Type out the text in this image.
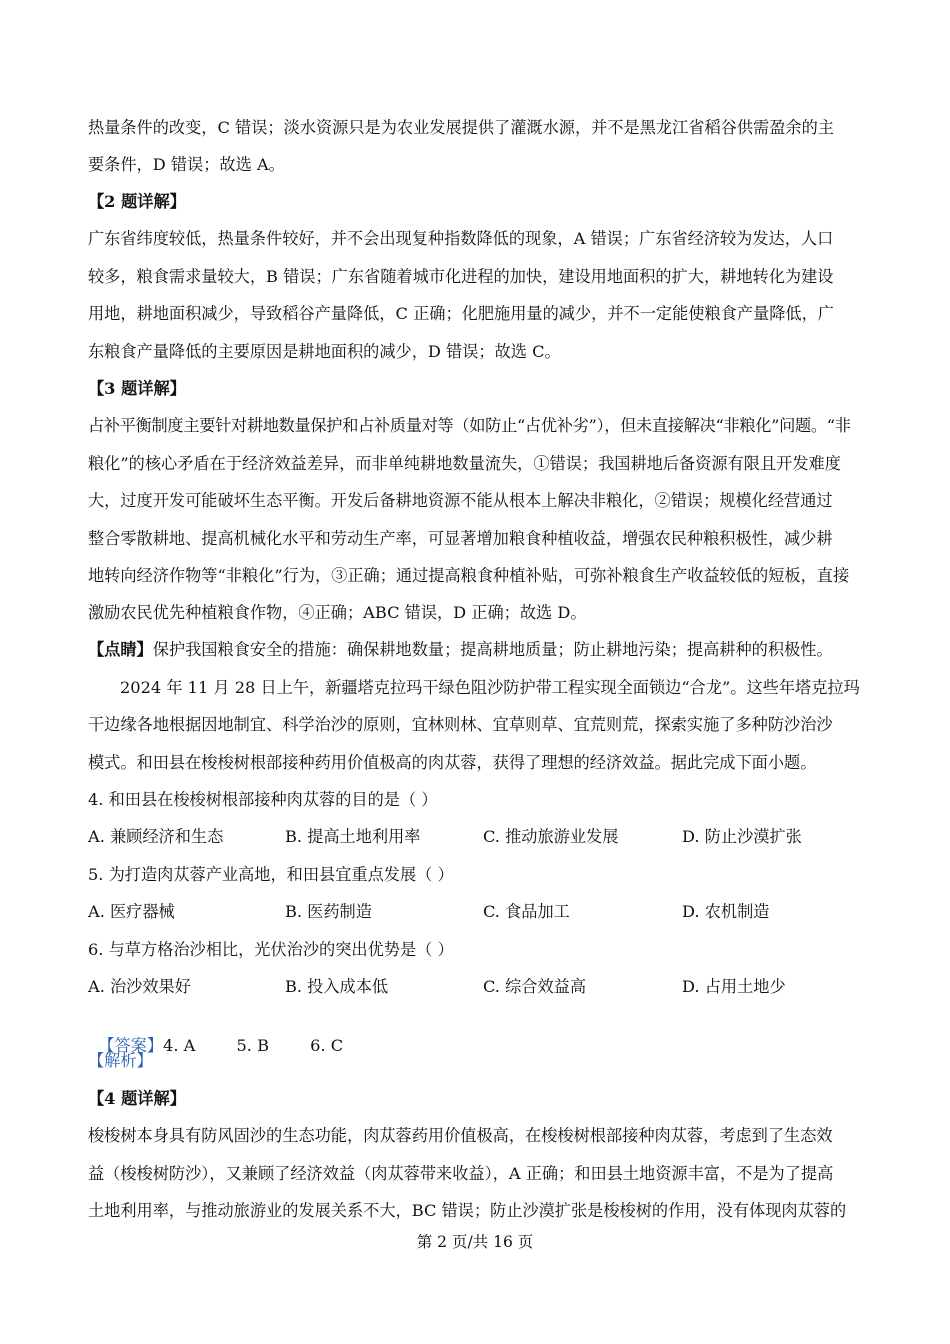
热量条件的改变，C 错误；淡水资源只是为农业发展提供了灌溉水源，并不是黑龙江省稻谷供需盈余的主
要条件，D 错误；故选 A。
【2 题详解】
广东省纬度较低，热量条件较好，并不会出现复种指数降低的现象，A 错误；广东省经济较为发达，人口
较多，粮食需求量较大，B 错误；广东省随着城市化进程的加快，建设用地面积的扩大，耕地转化为建设
用地，耕地面积减少，导致稻谷产量降低，C 正确；化肥施用量的减少，并不一定能使粮食产量降低，广
东粮食产量降低的主要原因是耕地面积的减少，D 错误；故选 C。
【3 题详解】
占补平衡制度主要针对耕地数量保护和占补质量对等（如防止“占优补劣”），但未直接解决“非粮化”问题。“非
粮化”的核心矛盾在于经济效益差异，而非单纯耕地数量流失，①错误；我国耕地后备资源有限且开发难度
大，过度开发可能破坏生态平衡。开发后备耕地资源不能从根本上解决非粮化，②错误；规模化经营通过
整合零散耕地、提高机械化水平和劳动生产率，可显著增加粮食种植收益，增强农民种粮积极性，减少耕
地转向经济作物等“非粮化”行为，③正确；通过提高粮食种植补贴，可弥补粮食生产收益较低的短板，直接
激励农民优先种植粮食作物，④正确；ABC 错误，D 正确；故选 D。
【点睛】保护我国粮食安全的措施：确保耕地数量；提高耕地质量；防止耕地污染；提高耕种的积极性。
2024 年 11 月 28 日上午，新疆塔克拉玛干绿色阻沙防护带工程实现全面锁边“合龙”。这些年塔克拉玛
干边缘各地根据因地制宜、科学治沙的原则，宜林则林、宜草则草、宜荒则荒，探索实施了多种防沙治沙
模式。和田县在梭梭树根部接种药用价值极高的肉苁蓉，获得了理想的经济效益。据此完成下面小题。
4. 和田县在梭梭树根部接种肉苁蓉的目的是（ ）
A. 兼顾经济和生态	B. 提高土地利用率	C. 推动旅游业发展	D. 防止沙漠扩张
5. 为打造肉苁蓉产业高地，和田县宜重点发展（ ）
A. 医疗器械	B. 医药制造	C. 食品加工	D. 农机制造
6. 与草方格治沙相比，光伏治沙的突出优势是（ ）
A. 治沙效果好	B. 投入成本低	C. 综合效益高	D. 占用土地少

【答案】4. A        5. B        6. C

【解析】
【4 题详解】
梭梭树本身具有防风固沙的生态功能，肉苁蓉药用价值极高，在梭梭树根部接种肉苁蓉，考虑到了生态效
益（梭梭树防沙），又兼顾了经济效益（肉苁蓉带来收益），A 正确；和田县土地资源丰富，不是为了提高
土地利用率，与推动旅游业的发展关系不大，BC 错误；防止沙漠扩张是梭梭树的作用，没有体现肉苁蓉的
第 2 页/共 16 页
